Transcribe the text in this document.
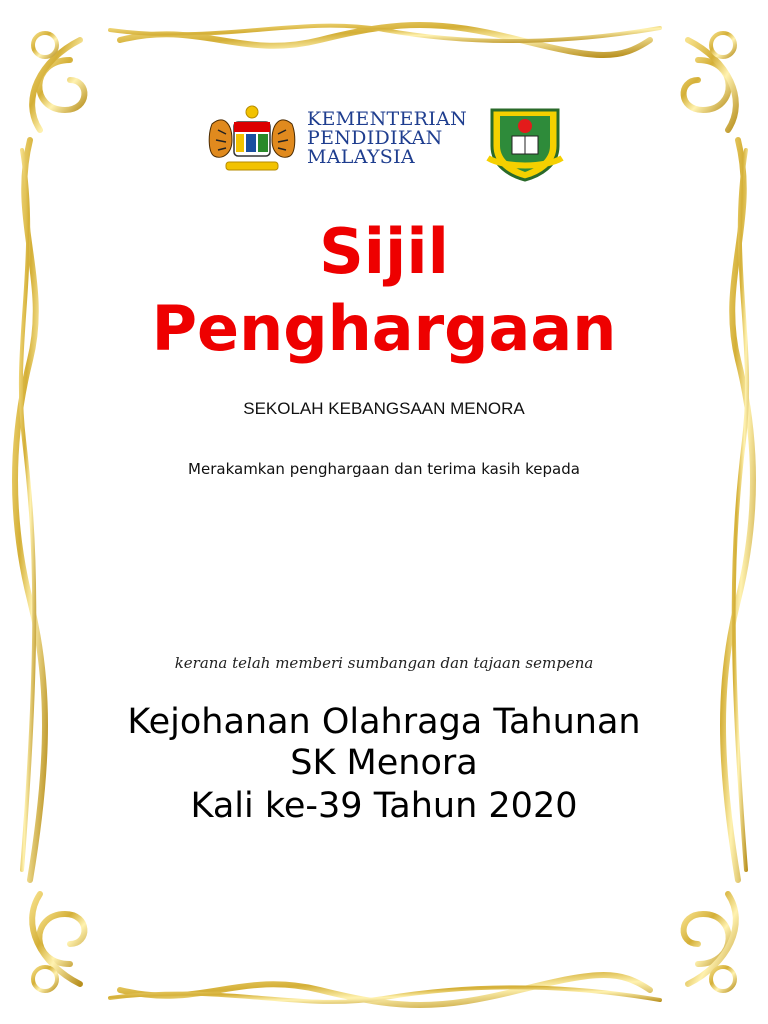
KEMENTERIAN
PENDIDIKAN
MALAYSIA
Sijil
Penghargaan
SEKOLAH KEBANGSAAN MENORA
Merakamkan penghargaan dan terima kasih kepada
kerana telah memberi sumbangan dan tajaan sempena
Kejohanan Olahraga Tahunan
SK Menora
Kali ke-39 Tahun 2020
